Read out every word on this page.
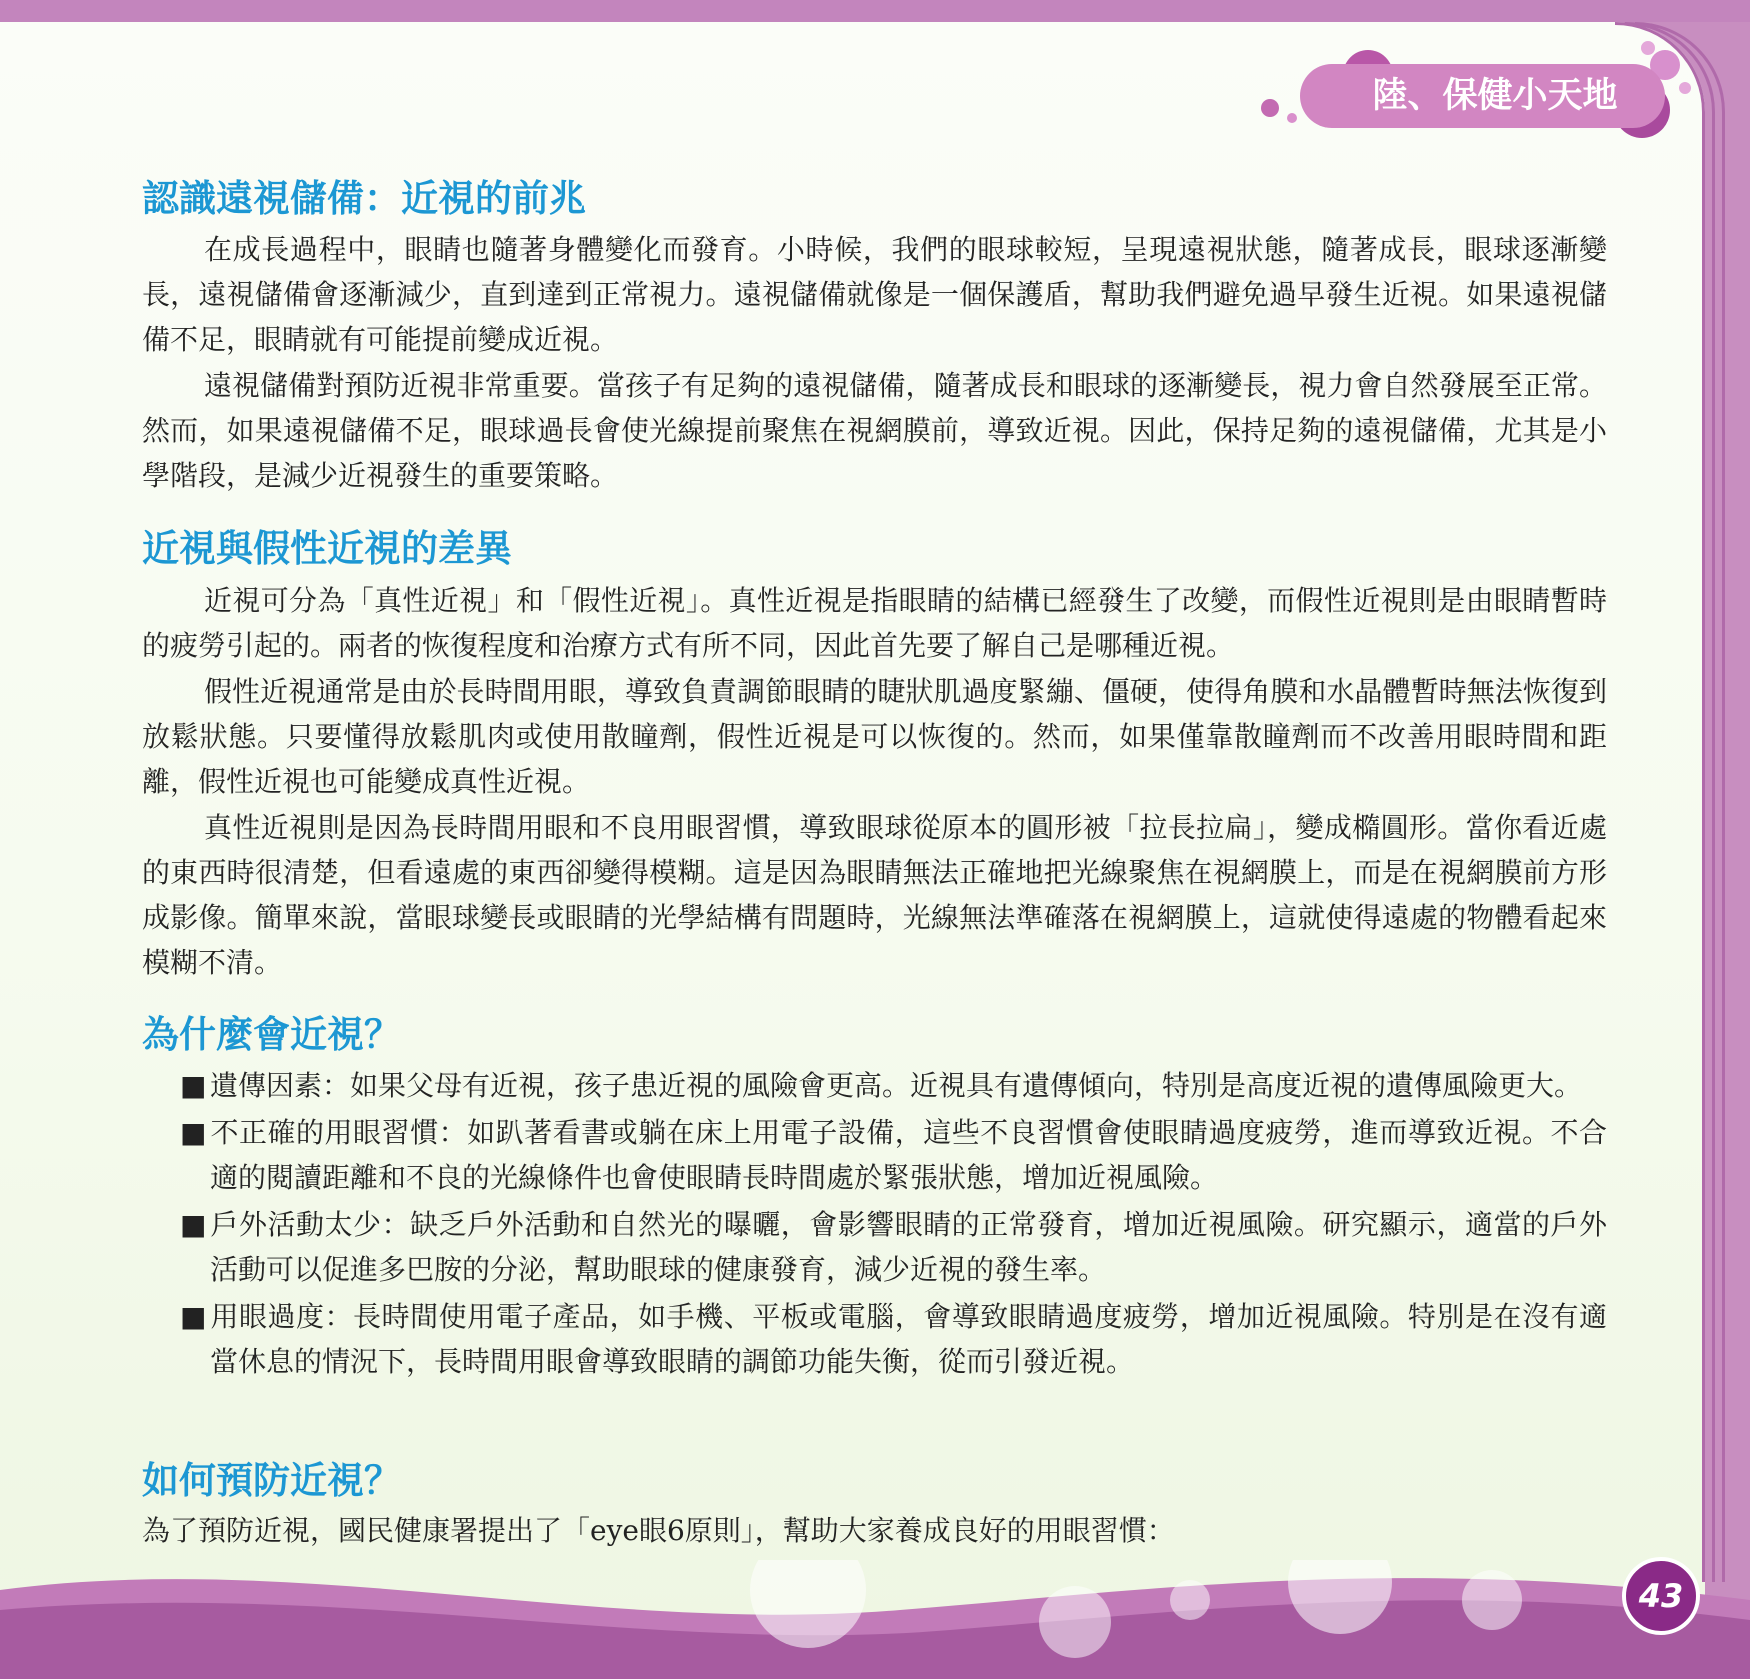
陸、保健小天地
認識遠視儲備：近視的前兆

在成長過程中，眼睛也隨著身體變化而發育。小時候，我們的眼球較短，呈現遠視狀態，隨著成長，眼球逐漸變長，遠視儲備會逐漸減少，直到達到正常視力。遠視儲備就像是一個保護盾，幫助我們避免過早發生近視。如果遠視儲備不足，眼睛就有可能提前變成近視。

遠視儲備對預防近視非常重要。當孩子有足夠的遠視儲備，隨著成長和眼球的逐漸變長，視力會自然發展至正常。然而，如果遠視儲備不足，眼球過長會使光線提前聚焦在視網膜前，導致近視。因此，保持足夠的遠視儲備，尤其是小學階段，是減少近視發生的重要策略。

近視與假性近視的差異

近視可分為「真性近視」和「假性近視」。真性近視是指眼睛的結構已經發生了改變，而假性近視則是由眼睛暫時的疲勞引起的。兩者的恢復程度和治療方式有所不同，因此首先要了解自己是哪種近視。

假性近視通常是由於長時間用眼，導致負責調節眼睛的睫狀肌過度緊繃、僵硬，使得角膜和水晶體暫時無法恢復到放鬆狀態。只要懂得放鬆肌肉或使用散瞳劑，假性近視是可以恢復的。然而，如果僅靠散瞳劑而不改善用眼時間和距離，假性近視也可能變成真性近視。

真性近視則是因為長時間用眼和不良用眼習慣，導致眼球從原本的圓形被「拉長拉扁」，變成橢圓形。當你看近處的東西時很清楚，但看遠處的東西卻變得模糊。這是因為眼睛無法正確地把光線聚焦在視網膜上，而是在視網膜前方形成影像。簡單來說，當眼球變長或眼睛的光學結構有問題時，光線無法準確落在視網膜上，這就使得遠處的物體看起來模糊不清。

為什麼會近視？
■ 遺傳因素：如果父母有近視，孩子患近視的風險會更高。近視具有遺傳傾向，特別是高度近視的遺傳風險更大。
■ 不正確的用眼習慣：如趴著看書或躺在床上用電子設備，這些不良習慣會使眼睛過度疲勞，進而導致近視。不合適的閱讀距離和不良的光線條件也會使眼睛長時間處於緊張狀態，增加近視風險。
■ 戶外活動太少：缺乏戶外活動和自然光的曝曬，會影響眼睛的正常發育，增加近視風險。研究顯示，適當的戶外活動可以促進多巴胺的分泌，幫助眼球的健康發育，減少近視的發生率。
■ 用眼過度：長時間使用電子產品，如手機、平板或電腦，會導致眼睛過度疲勞，增加近視風險。特別是在沒有適當休息的情況下，長時間用眼會導致眼睛的調節功能失衡，從而引發近視。
如何預防近視？

為了預防近視，國民健康署提出了「eye眼6原則」，幫助大家養成良好的用眼習慣：

43
